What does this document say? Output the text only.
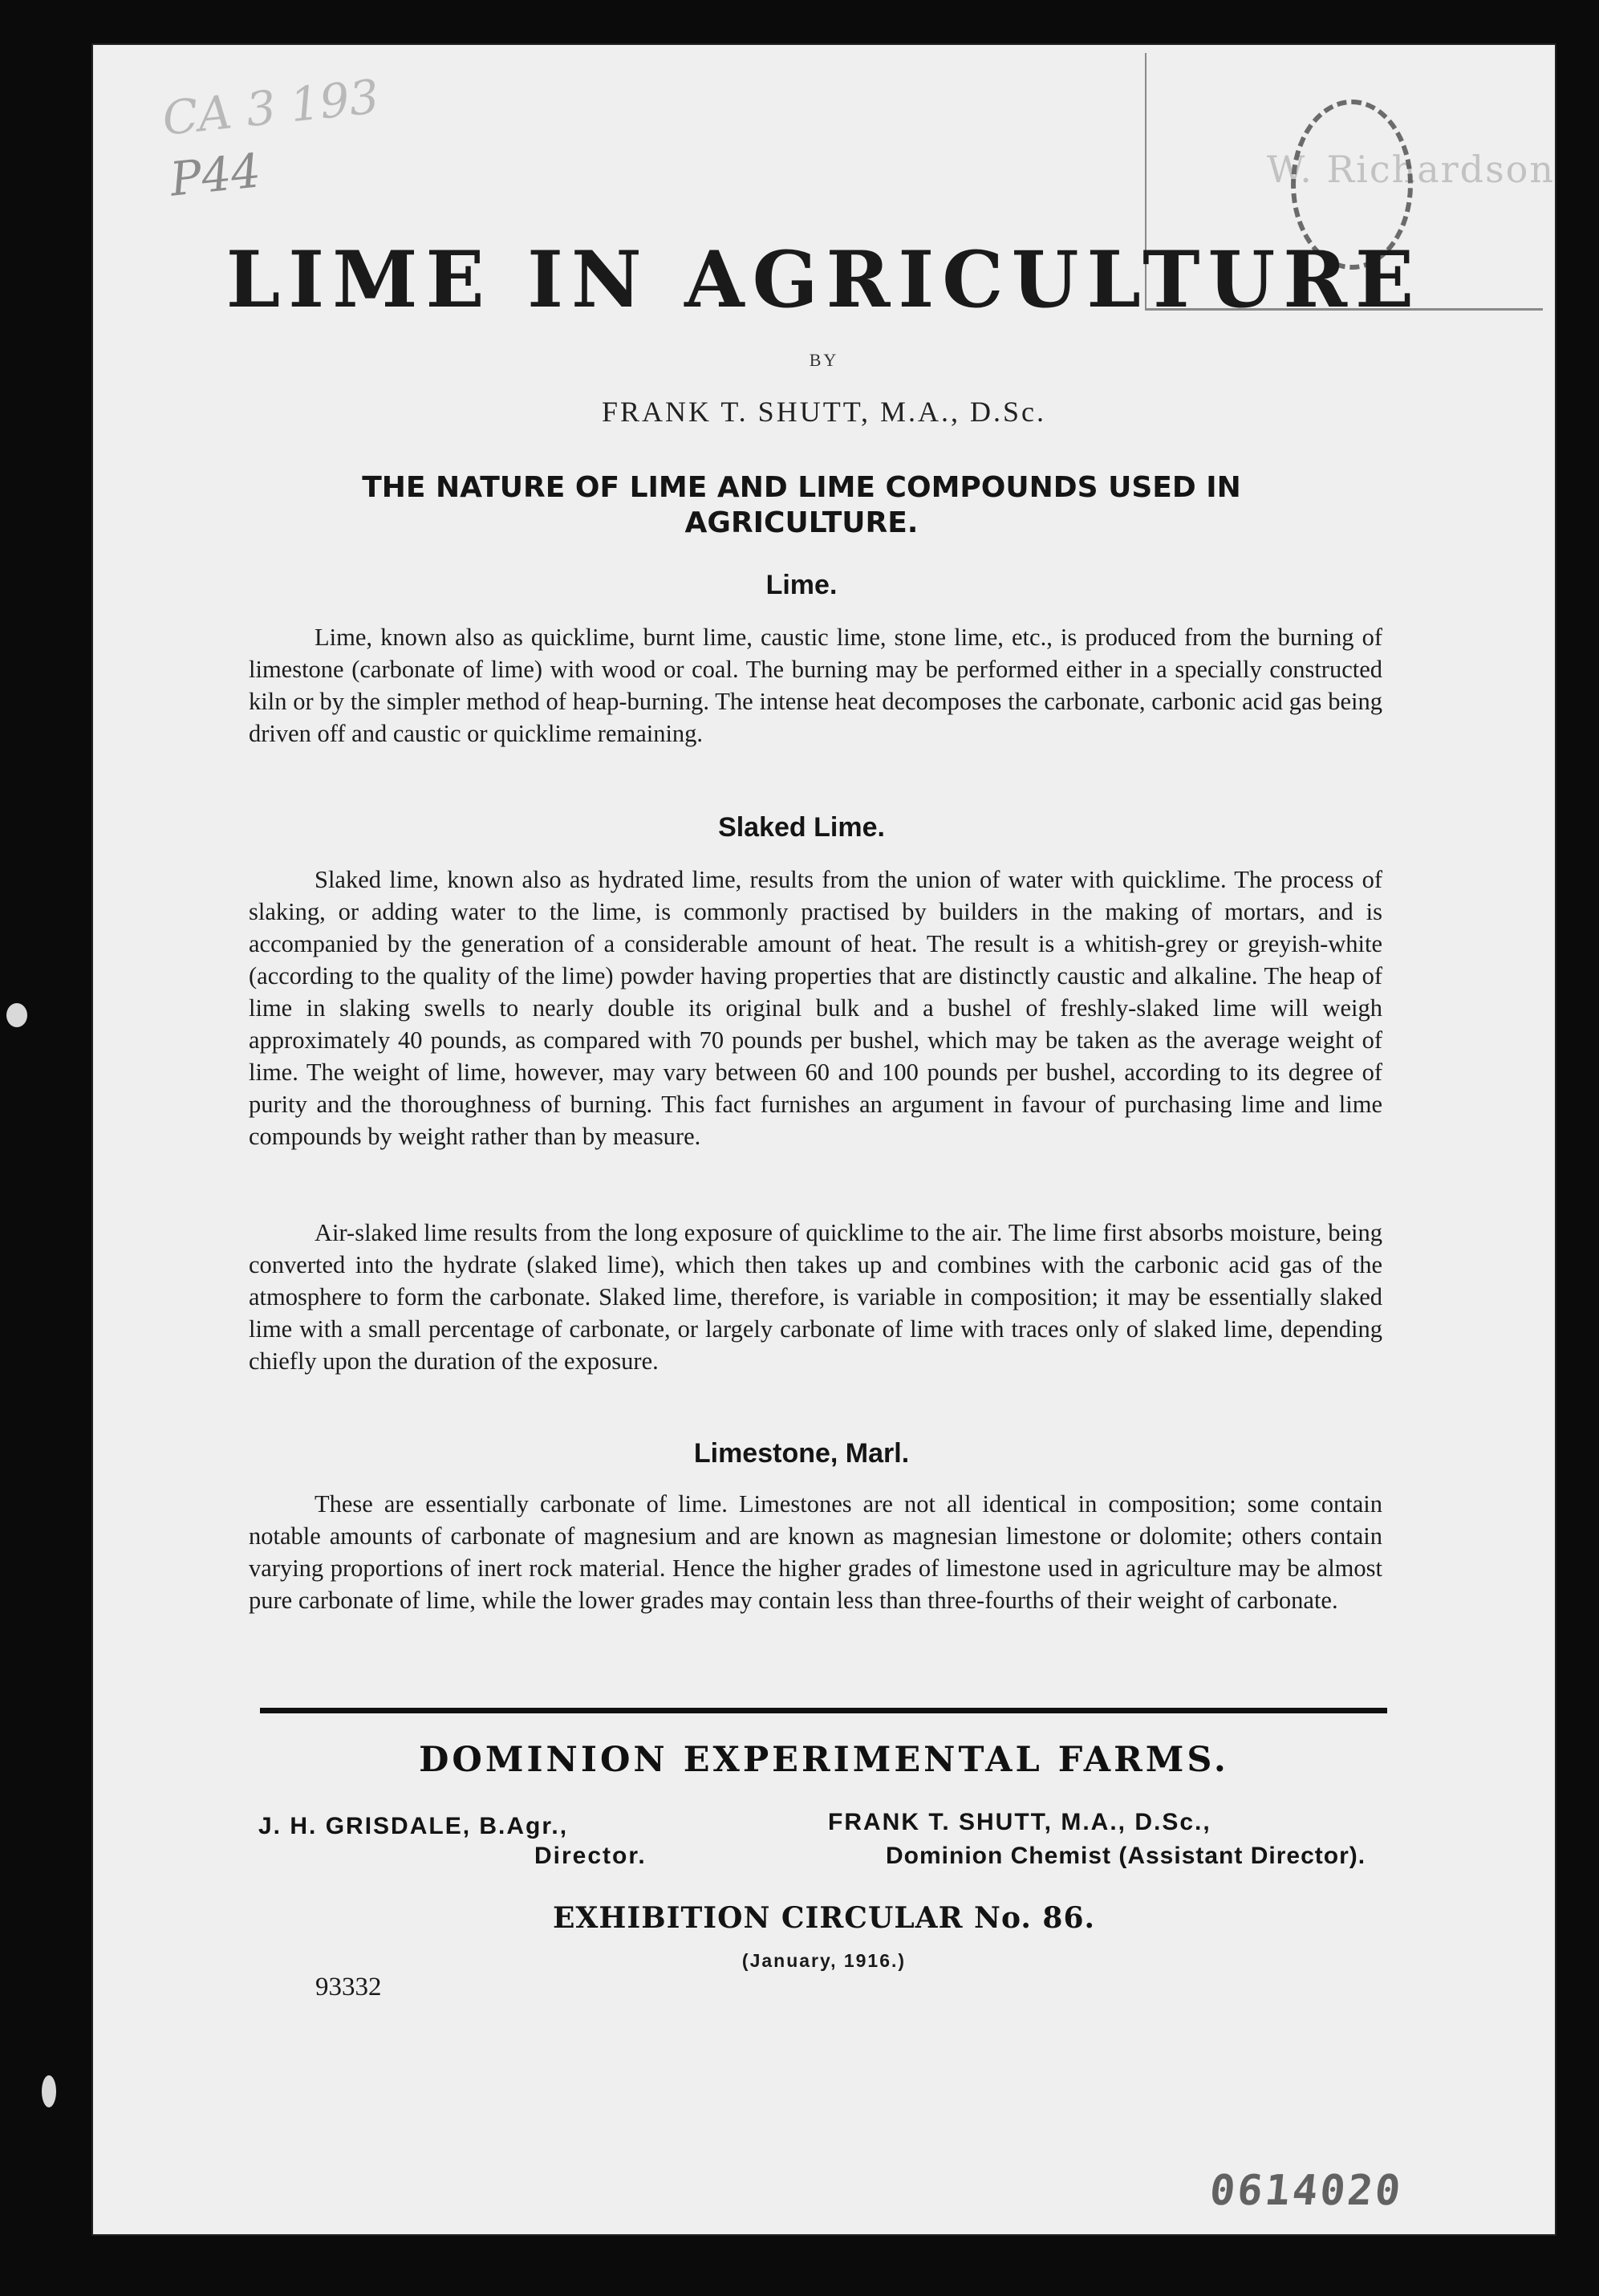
CA 3 193
P44	W. Richardson
LIME IN AGRICULTURE
BY
FRANK T. SHUTT, M.A., D.Sc.
THE NATURE OF LIME AND LIME COMPOUNDS USED IN AGRICULTURE.
Lime.
Lime, known also as quicklime, burnt lime, caustic lime, stone lime, etc., is produced from the burning of limestone (carbonate of lime) with wood or coal. The burning may be performed either in a specially constructed kiln or by the simpler method of heap-burning. The intense heat decomposes the carbonate, carbonic acid gas being driven off and caustic or quicklime remaining.
Slaked Lime.
Slaked lime, known also as hydrated lime, results from the union of water with quicklime. The process of slaking, or adding water to the lime, is commonly practised by builders in the making of mortars, and is accompanied by the generation of a considerable amount of heat. The result is a whitish-grey or greyish-white (according to the quality of the lime) powder having properties that are distinctly caustic and alkaline. The heap of lime in slaking swells to nearly double its original bulk and a bushel of freshly-slaked lime will weigh approximately 40 pounds, as compared with 70 pounds per bushel, which may be taken as the average weight of lime. The weight of lime, however, may vary between 60 and 100 pounds per bushel, according to its degree of purity and the thoroughness of burning. This fact furnishes an argument in favour of purchasing lime and lime compounds by weight rather than by measure.
Air-slaked lime results from the long exposure of quicklime to the air. The lime first absorbs moisture, being converted into the hydrate (slaked lime), which then takes up and combines with the carbonic acid gas of the atmosphere to form the carbonate. Slaked lime, therefore, is variable in composition; it may be essentially slaked lime with a small percentage of carbonate, or largely carbonate of lime with traces only of slaked lime, depending chiefly upon the duration of the exposure.
Limestone, Marl.
These are essentially carbonate of lime. Limestones are not all identical in composition; some contain notable amounts of carbonate of magnesium and are known as magnesian limestone or dolomite; others contain varying proportions of inert rock material. Hence the higher grades of limestone used in agriculture may be almost pure carbonate of lime, while the lower grades may contain less than three-fourths of their weight of carbonate.
DOMINION EXPERIMENTAL FARMS.
J. H. GRISDALE, B.Agr.,
Director.
FRANK T. SHUTT, M.A., D.Sc.,
Dominion Chemist (Assistant Director).
EXHIBITION CIRCULAR No. 86.
(January, 1916.)
93332
0614020
